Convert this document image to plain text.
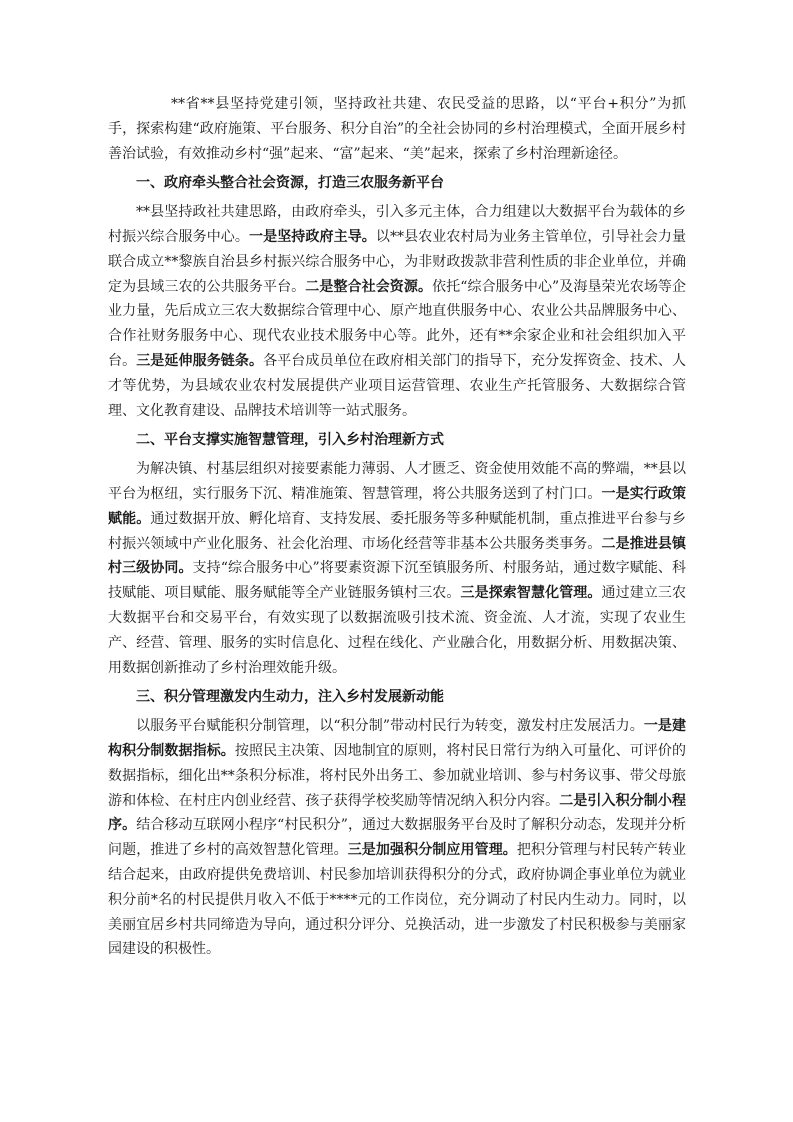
**省**县坚持党建引领，坚持政社共建、农民受益的思路，以“平台+积分”为抓手，探索构建“政府施策、平台服务、积分自治”的全社会协同的乡村治理模式，全面开展乡村善治试验，有效推动乡村“强”起来、“富”起来、“美”起来，探索了乡村治理新途径。

一、政府牵头整合社会资源，打造三农服务新平台

**县坚持政社共建思路，由政府牵头，引入多元主体，合力组建以大数据平台为载体的乡村振兴综合服务中心。一是坚持政府主导。以**县农业农村局为业务主管单位，引导社会力量联合成立**黎族自治县乡村振兴综合服务中心，为非财政拨款非营利性质的非企业单位，并确定为县域三农的公共服务平台。二是整合社会资源。依托“综合服务中心”及海垦荣光农场等企业力量，先后成立三农大数据综合管理中心、原产地直供服务中心、农业公共品牌服务中心、合作社财务服务中心、现代农业技术服务中心等。此外，还有**余家企业和社会组织加入平台。三是延伸服务链条。各平台成员单位在政府相关部门的指导下，充分发挥资金、技术、人才等优势，为县域农业农村发展提供产业项目运营管理、农业生产托管服务、大数据综合管理、文化教育建设、品牌技术培训等一站式服务。

二、平台支撑实施智慧管理，引入乡村治理新方式

为解决镇、村基层组织对接要素能力薄弱、人才匮乏、资金使用效能不高的弊端，**县以平台为枢纽，实行服务下沉、精准施策、智慧管理，将公共服务送到了村门口。一是实行政策赋能。通过数据开放、孵化培育、支持发展、委托服务等多种赋能机制，重点推进平台参与乡村振兴领域中产业化服务、社会化治理、市场化经营等非基本公共服务类事务。二是推进县镇村三级协同。支持“综合服务中心”将要素资源下沉至镇服务所、村服务站，通过数字赋能、科技赋能、项目赋能、服务赋能等全产业链服务镇村三农。三是探索智慧化管理。通过建立三农大数据平台和交易平台，有效实现了以数据流吸引技术流、资金流、人才流，实现了农业生产、经营、管理、服务的实时信息化、过程在线化、产业融合化，用数据分析、用数据决策、用数据创新推动了乡村治理效能升级。

三、积分管理激发内生动力，注入乡村发展新动能

以服务平台赋能积分制管理，以“积分制”带动村民行为转变，激发村庄发展活力。一是建构积分制数据指标。按照民主决策、因地制宜的原则，将村民日常行为纳入可量化、可评价的数据指标，细化出**条积分标准，将村民外出务工、参加就业培训、参与村务议事、带父母旅游和体检、在村庄内创业经营、孩子获得学校奖励等情况纳入积分内容。二是引入积分制小程序。结合移动互联网小程序“村民积分”，通过大数据服务平台及时了解积分动态，发现并分析问题，推进了乡村的高效智慧化管理。三是加强积分制应用管理。把积分管理与村民转产转业结合起来，由政府提供免费培训、村民参加培训获得积分的分式，政府协调企事业单位为就业积分前*名的村民提供月收入不低于****元的工作岗位，充分调动了村民内生动力。同时，以美丽宜居乡村共同缔造为导向，通过积分评分、兑换活动，进一步激发了村民积极参与美丽家园建设的积极性。
